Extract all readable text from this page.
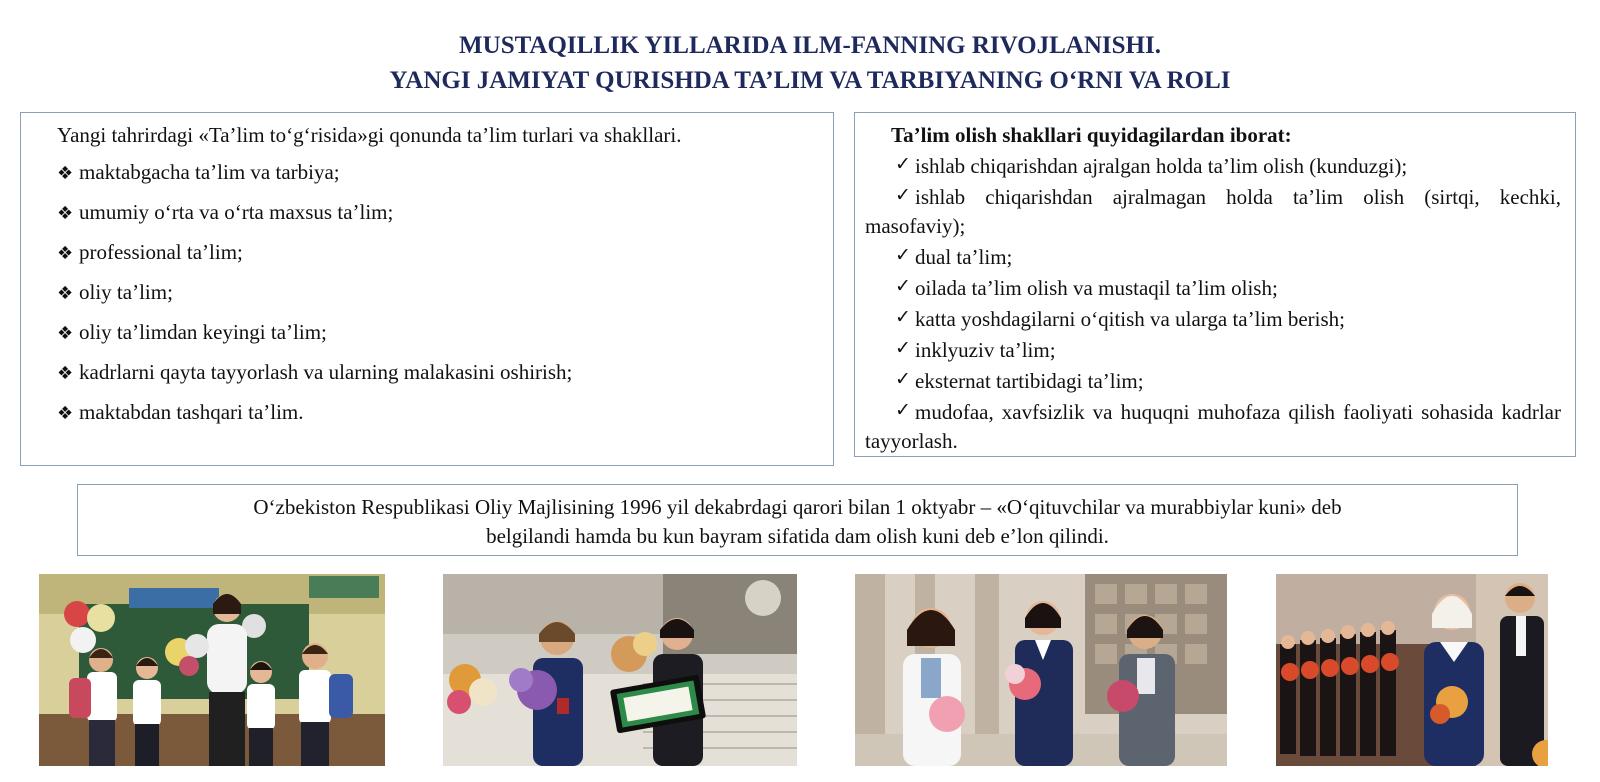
MUSTAQILLIK YILLARIDA ILM-FANNING RIVOJLANISHI.
YANGI JAMIYAT QURISHDA TA’LIM VA TARBIYANING O‘RNI VA ROLI
Yangi tahrirdagi «Ta’lim to‘g‘risida»gi qonunda ta’lim turlari va shakllari.
❖ maktabgacha ta’lim va tarbiya;
❖ umumiy o‘rta va o‘rta maxsus ta’lim;
❖ professional ta’lim;
❖ oliy ta’lim;
❖ oliy ta’limdan keyingi ta’lim;
❖ kadrlarni qayta tayyorlash va ularning malakasini oshirish;
❖ maktabdan tashqari ta’lim.
Ta’lim olish shakllari quyidagilardan iborat:
✓ ishlab chiqarishdan ajralgan holda ta’lim olish (kunduzgi);
✓ ishlab chiqarishdan ajralmagan holda ta’lim olish (sirtqi, kechki, masofaviy);
✓ dual ta’lim;
✓ oilada ta’lim olish va mustaqil ta’lim olish;
✓ katta yoshdagilarni o‘qitish va ularga ta’lim berish;
✓ inklyuziv ta’lim;
✓ eksternat tartibidagi ta’lim;
✓ mudofaa, xavfsizlik va huquqni muhofaza qilish faoliyati sohasida kadrlar tayyorlash.
O‘zbekiston Respublikasi Oliy Majlisining 1996 yil dekabrdagi qarori bilan 1 oktyabr – «O‘qituvchilar va murabbiylar kuni» deb
belgilandi hamda bu kun bayram sifatida dam olish kuni deb e’lon qilindi.
